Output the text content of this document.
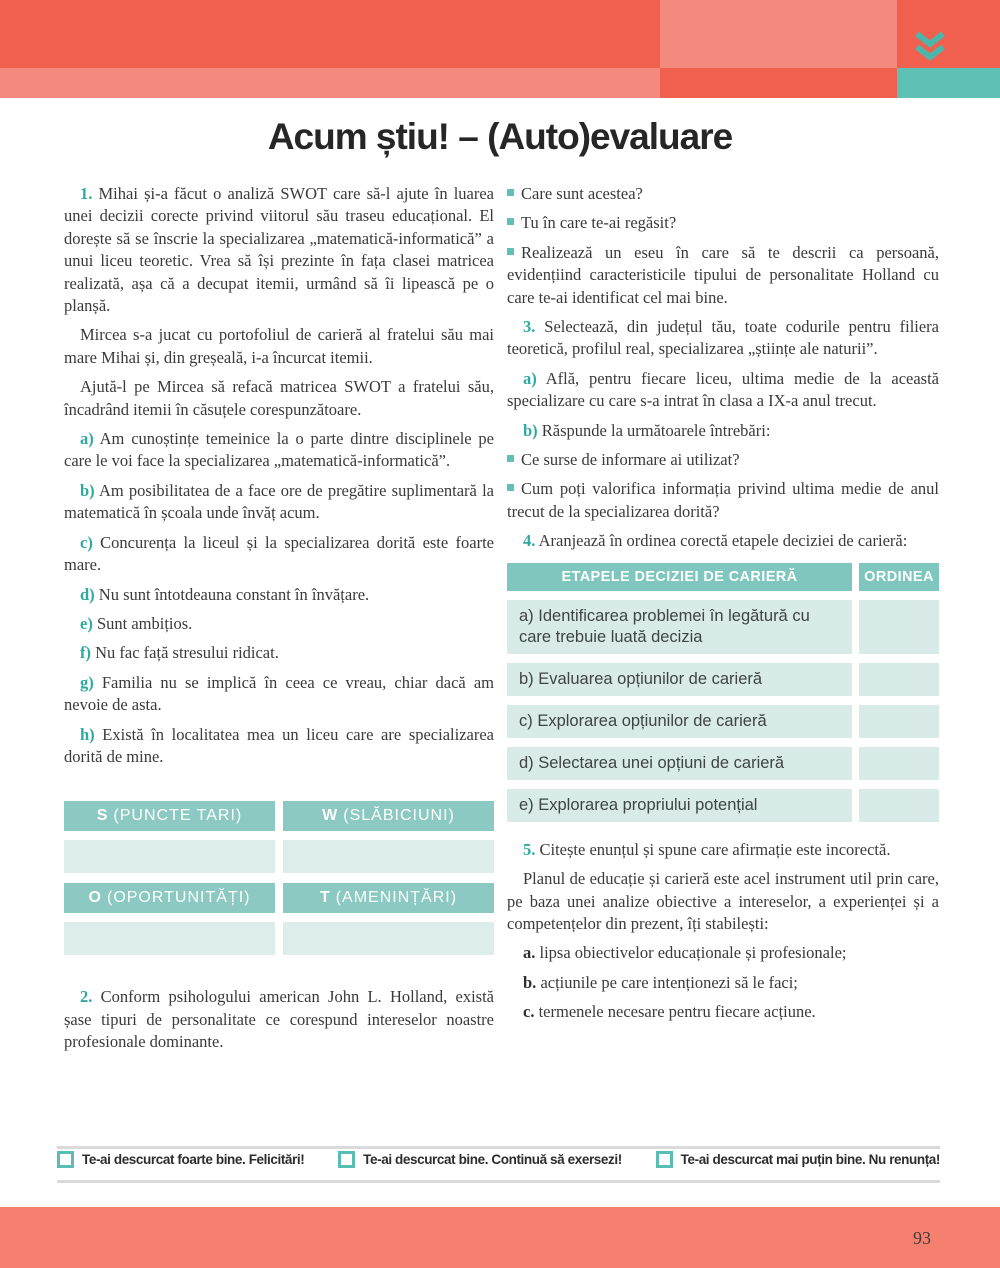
Acum știu! – (Auto)evaluare

1. Mihai și-a făcut o analiză SWOT care să-l ajute în luarea unei decizii corecte privind viitorul său traseu educațional. El dorește să se înscrie la specializarea „matematică-informatică” a unui liceu teoretic. Vrea să își prezinte în fața clasei matricea realizată, așa că a decupat itemii, urmând să îi lipească pe o planșă.

Mircea s-a jucat cu portofoliul de carieră al fratelui său mai mare Mihai și, din greșeală, i-a încurcat itemii.

Ajută-l pe Mircea să refacă matricea SWOT a fratelui său, încadrând itemii în căsuțele corespunzătoare.

a) Am cunoștințe temeinice la o parte dintre disciplinele pe care le voi face la specializarea „matematică-informatică”.

b) Am posibilitatea de a face ore de pregătire suplimentară la matematică în școala unde învăț acum.

c) Concurența la liceul și la specializarea dorită este foarte mare.

d) Nu sunt întotdeauna constant în învățare.

e) Sunt ambițios.

f) Nu fac față stresului ridicat.

g) Familia nu se implică în ceea ce vreau, chiar dacă am nevoie de asta.

h) Există în localitatea mea un liceu care are specializarea dorită de mine.

S (PUNCTE TARI)	W (SLĂBICIUNI)
O (OPORTUNITĂȚI)	T (AMENINȚĂRI)

2. Conform psihologului american John L. Holland, există șase tipuri de personalitate ce corespund intereselor noastre profesionale dominante.

Care sunt acestea?

Tu în care te-ai regăsit?

Realizează un eseu în care să te descrii ca persoană, evidențiind caracteristicile tipului de personalitate Holland cu care te-ai identificat cel mai bine.

3. Selectează, din județul tău, toate codurile pentru filiera teoretică, profilul real, specializarea „științe ale naturii”.

a) Află, pentru fiecare liceu, ultima medie de la această specializare cu care s-a intrat în clasa a IX-a anul trecut.

b) Răspunde la următoarele întrebări:

Ce surse de informare ai utilizat?

Cum poți valorifica informația privind ultima medie de anul trecut de la specializarea dorită?

4. Aranjează în ordinea corectă etapele deciziei de carieră:

ETAPELE DECIZIEI DE CARIERĂ	ORDINEA
a) Identificarea problemei în legătură cu care trebuie luată decizia
b) Evaluarea opțiunilor de carieră
c) Explorarea opțiunilor de carieră
d) Selectarea unei opțiuni de carieră
e) Explorarea propriului potențial

5. Citește enunțul și spune care afirmație este incorectă.

Planul de educație și carieră este acel instrument util prin care, pe baza unei analize obiective a intereselor, a experienței și a competențelor din prezent, îți stabilești:

a. lipsa obiectivelor educaționale și profesionale;

b. acțiunile pe care intenționezi să le faci;

c. termenele necesare pentru fiecare acțiune.

Te-ai descurcat foarte bine. Felicitări!	Te-ai descurcat bine. Continuă să exersezi!	Te-ai descurcat mai puțin bine. Nu renunța!
93
